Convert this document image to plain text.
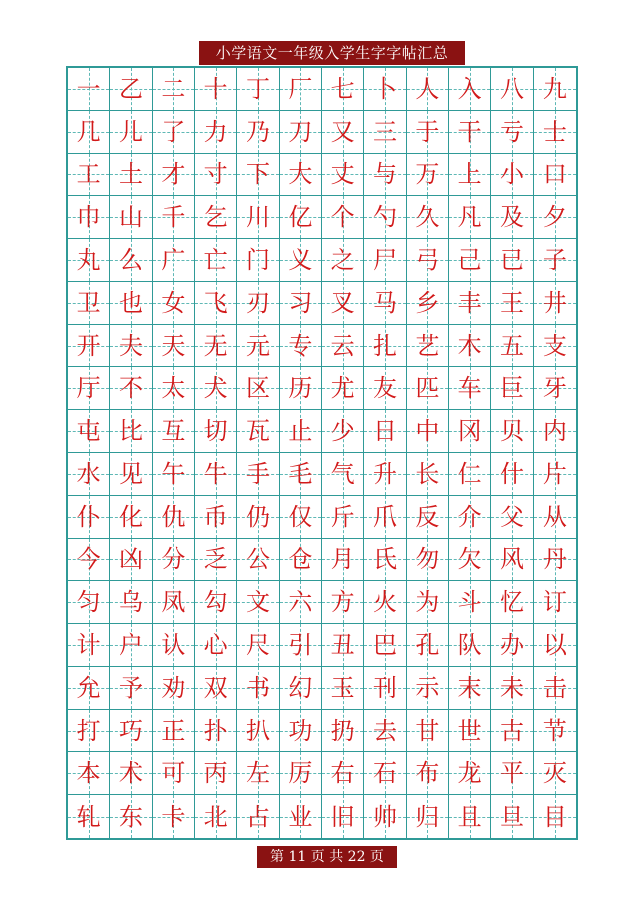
小学语文一年级入学生字字帖汇总
一 乙 二 十 丁 厂 七 卜 人 入 八 九
几 儿 了 力 乃 刀 又 三 于 干 亏 士
工 土 才 寸 下 大 丈 与 万 上 小 口
巾 山 千 乞 川 亿 个 勺 久 凡 及 夕
丸 么 广 亡 门 义 之 尸 弓 己 已 子
卫 也 女 飞 刃 习 叉 马 乡 丰 王 井
开 夫 天 无 元 专 云 扎 艺 木 五 支
厅 不 太 犬 区 历 尤 友 匹 车 巨 牙
屯 比 互 切 瓦 止 少 日 中 冈 贝 内
水 见 午 牛 手 毛 气 升 长 仁 什 片
仆 化 仇 币 仍 仅 斤 爪 反 介 父 从
今 凶 分 乏 公 仓 月 氏 勿 欠 风 丹
匀 乌 凤 勾 文 六 方 火 为 斗 忆 订
计 户 认 心 尺 引 丑 巴 孔 队 办 以
允 予 劝 双 书 幻 玉 刊 示 末 未 击
打 巧 正 扑 扒 功 扔 去 甘 世 古 节
本 术 可 丙 左 厉 右 石 布 龙 平 灭
轧 东 卡 北 占 业 旧 帅 归 且 旦 目
第 11 页 共 22 页
